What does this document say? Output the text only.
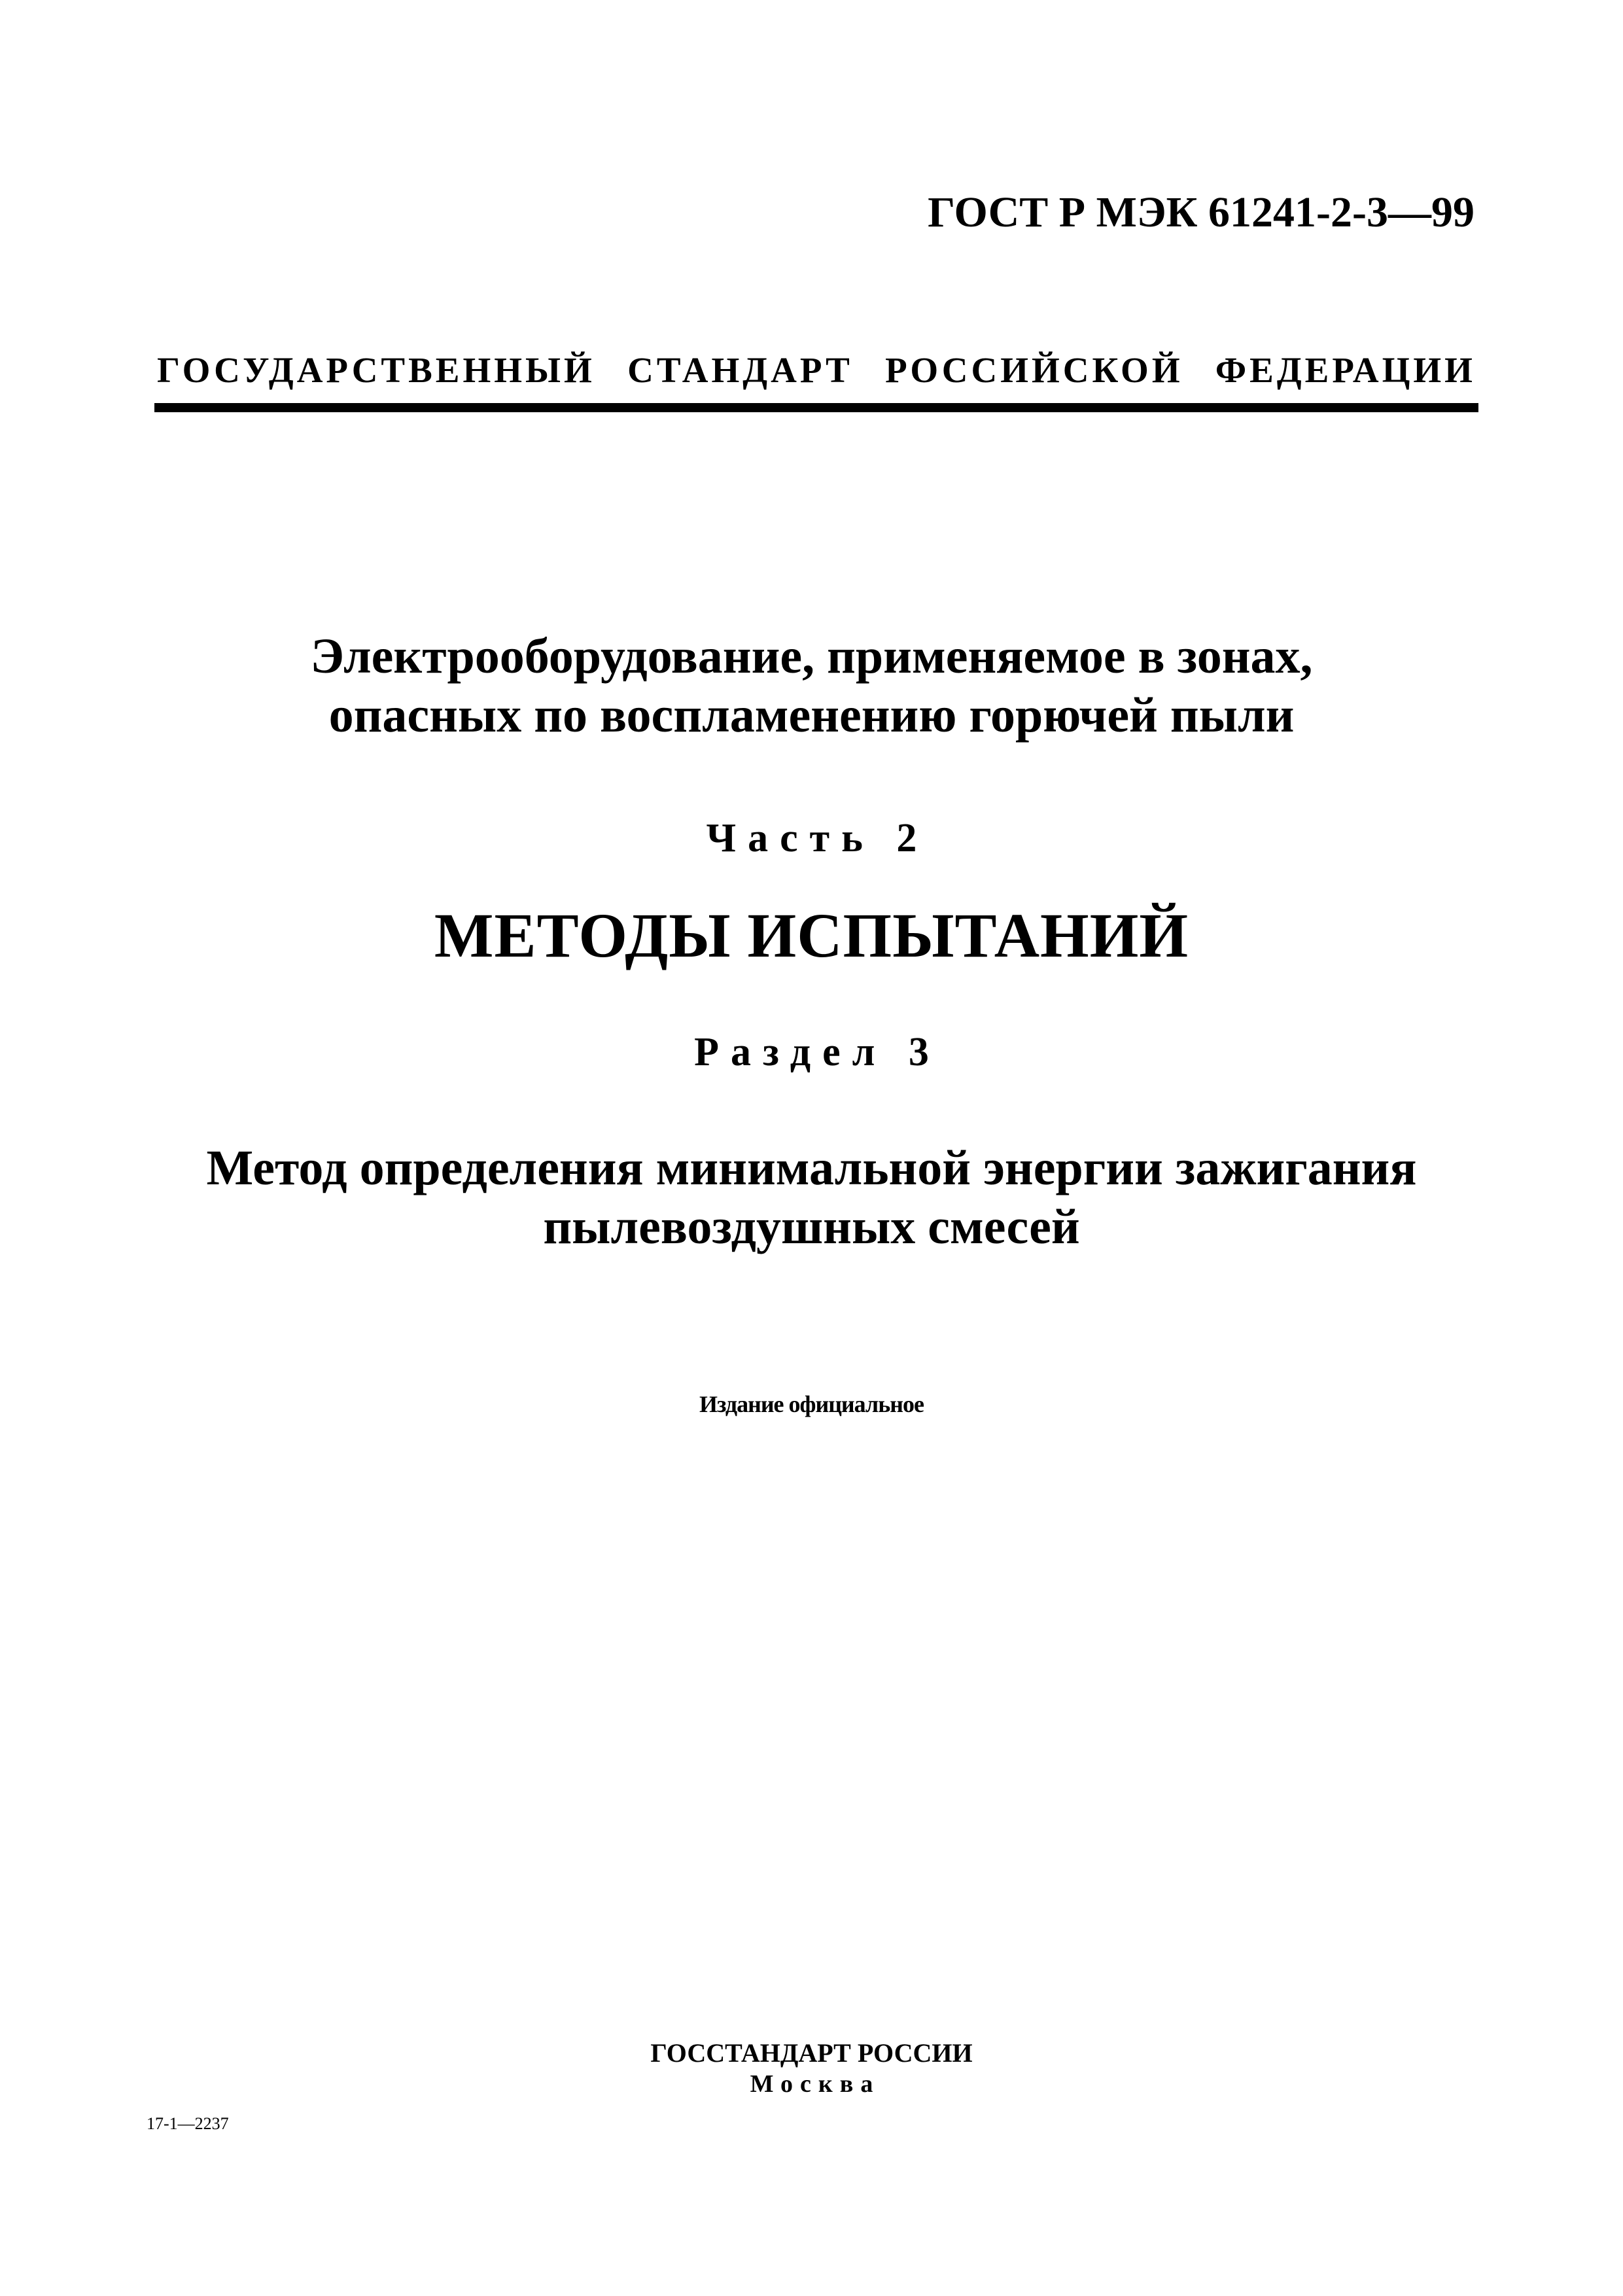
ГОСТ Р МЭК 61241-2-3—99
ГОСУДАРСТВЕННЫЙ СТАНДАРТ РОССИЙСКОЙ ФЕДЕРАЦИИ
Электрооборудование, применяемое в зонах,
опасных по воспламенению горючей пыли
Часть 2
МЕТОДЫ ИСПЫТАНИЙ
Раздел 3
Метод определения минимальной энергии зажигания
пылевоздушных смесей
Издание официальное
ГОССТАНДАРТ РОССИИ
Москва
17-1—2237
